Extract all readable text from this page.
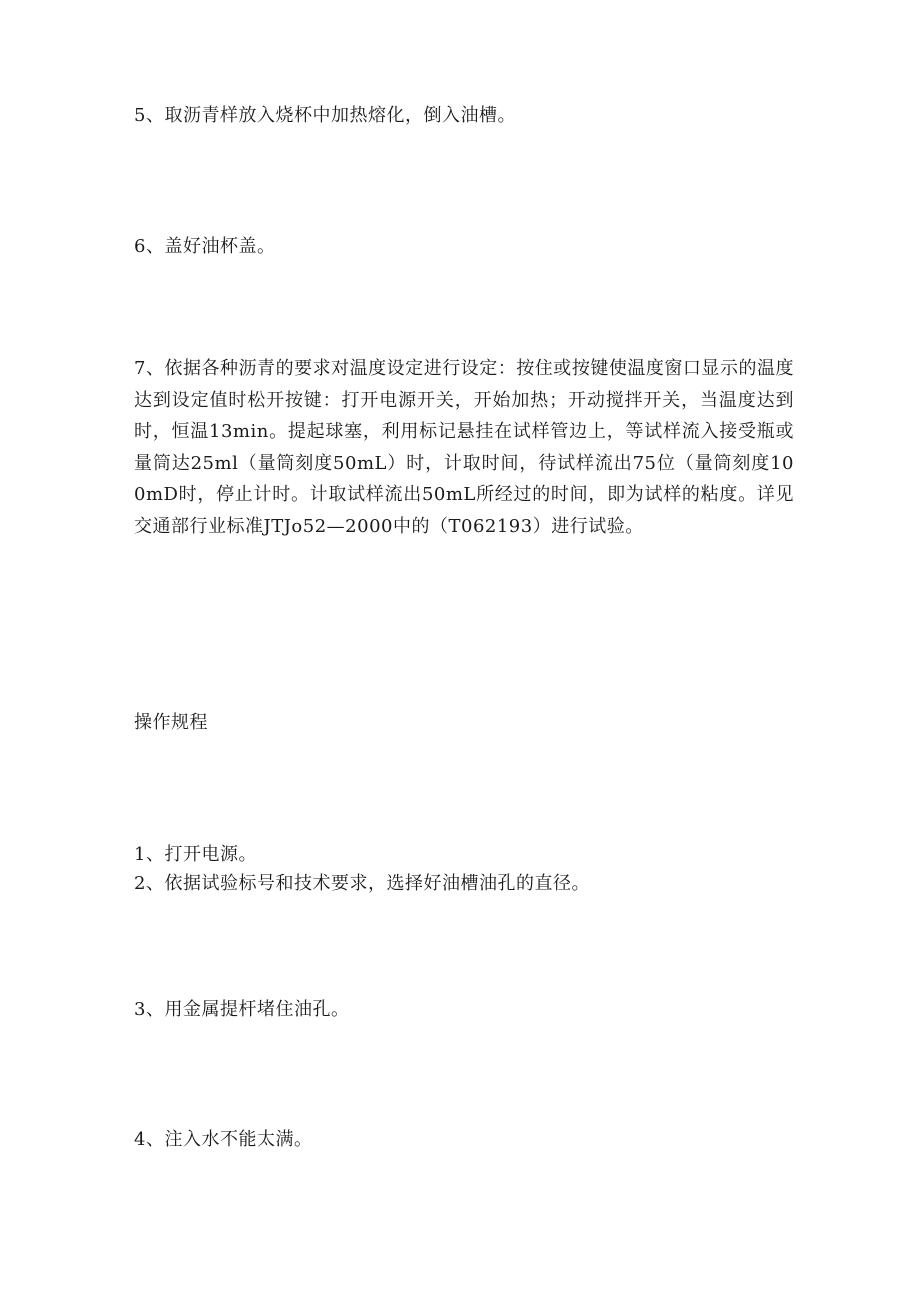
5、取沥青样放入烧杯中加热熔化，倒入油槽。

6、盖好油杯盖。

7、依据各种沥青的要求对温度设定进行设定：按住或按键使温度窗口显示的温度达到设定值时松开按键：打开电源开关，开始加热；开动搅拌开关，当温度达到时，恒温13min。提起球塞，利用标记悬挂在试样管边上，等试样流入接受瓶或量筒达25ml（量筒刻度50mL）时，计取时间，待试样流出75位（量筒刻度100mD时，停止计时。计取试样流出50mL所经过的时间，即为试样的粘度。详见交通部行业标准JTJo52—2000中的（T062193）进行试验。

操作规程

1、打开电源。

2、依据试验标号和技术要求，选择好油槽油孔的直径。

3、用金属提杆堵住油孔。

4、注入水不能太满。
